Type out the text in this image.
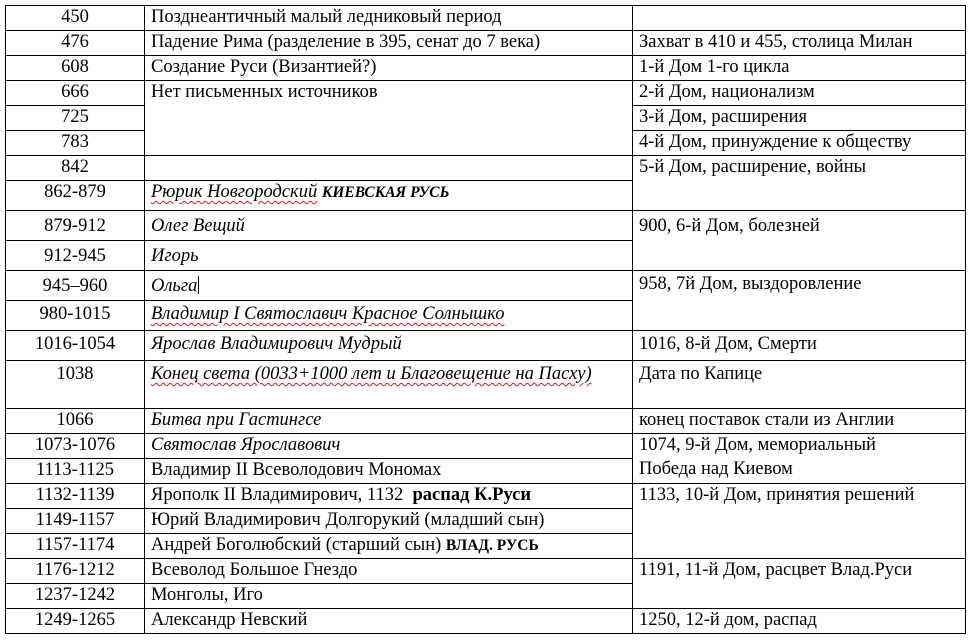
450	Позднеантичный малый ледниковый период	
476	Падение Рима (разделение в 395, сенат до 7 века)	Захват в 410 и 455, столица Милан
608	Создание Руси (Византией?)	1-й Дом 1-го цикла
666	Нет письменных источников	2-й Дом, национализм
725		3-й Дом, расширения
783		4-й Дом, принуждение к обществу
842		5-й Дом, расширение, войны
862-879	Рюрик Новгородский КИЕВСКАЯ РУСЬ	
879-912	Олег Вещий	900, 6-й Дом, болезней
912-945	Игорь	
945–960	Ольга	958, 7й Дом, выздоровление
980-1015	Владимир I Святославич Красное Солнышко	
1016-1054	Ярослав Владимирович Мудрый	1016, 8-й Дом, Смерти
1038	Конец света (0033+1000 лет и Благовещение на Пасху)	Дата по Капице
1066	Битва при Гастингсе	конец поставок стали из Англии
1073-1076	Святослав Ярославович	1074, 9-й Дом, мемориальный
Победа над Киевом

1113-1125	Владимир II Всеволодович Мономах	
1132-1139	Ярополк II Владимирович, 1132 распад К.Руси	1133, 10-й Дом, принятия решений
1149-1157	Юрий Владимирович Долгорукий (младший сын)	
1157-1174	Андрей Боголюбский (старший сын) ВЛАД. РУСЬ	
1176-1212	Всеволод Большое Гнездо	1191, 11-й Дом, расцвет Влад.Руси
1237-1242	Монголы, Иго	
1249-1265	Александр Невский	1250, 12-й дом, распад
